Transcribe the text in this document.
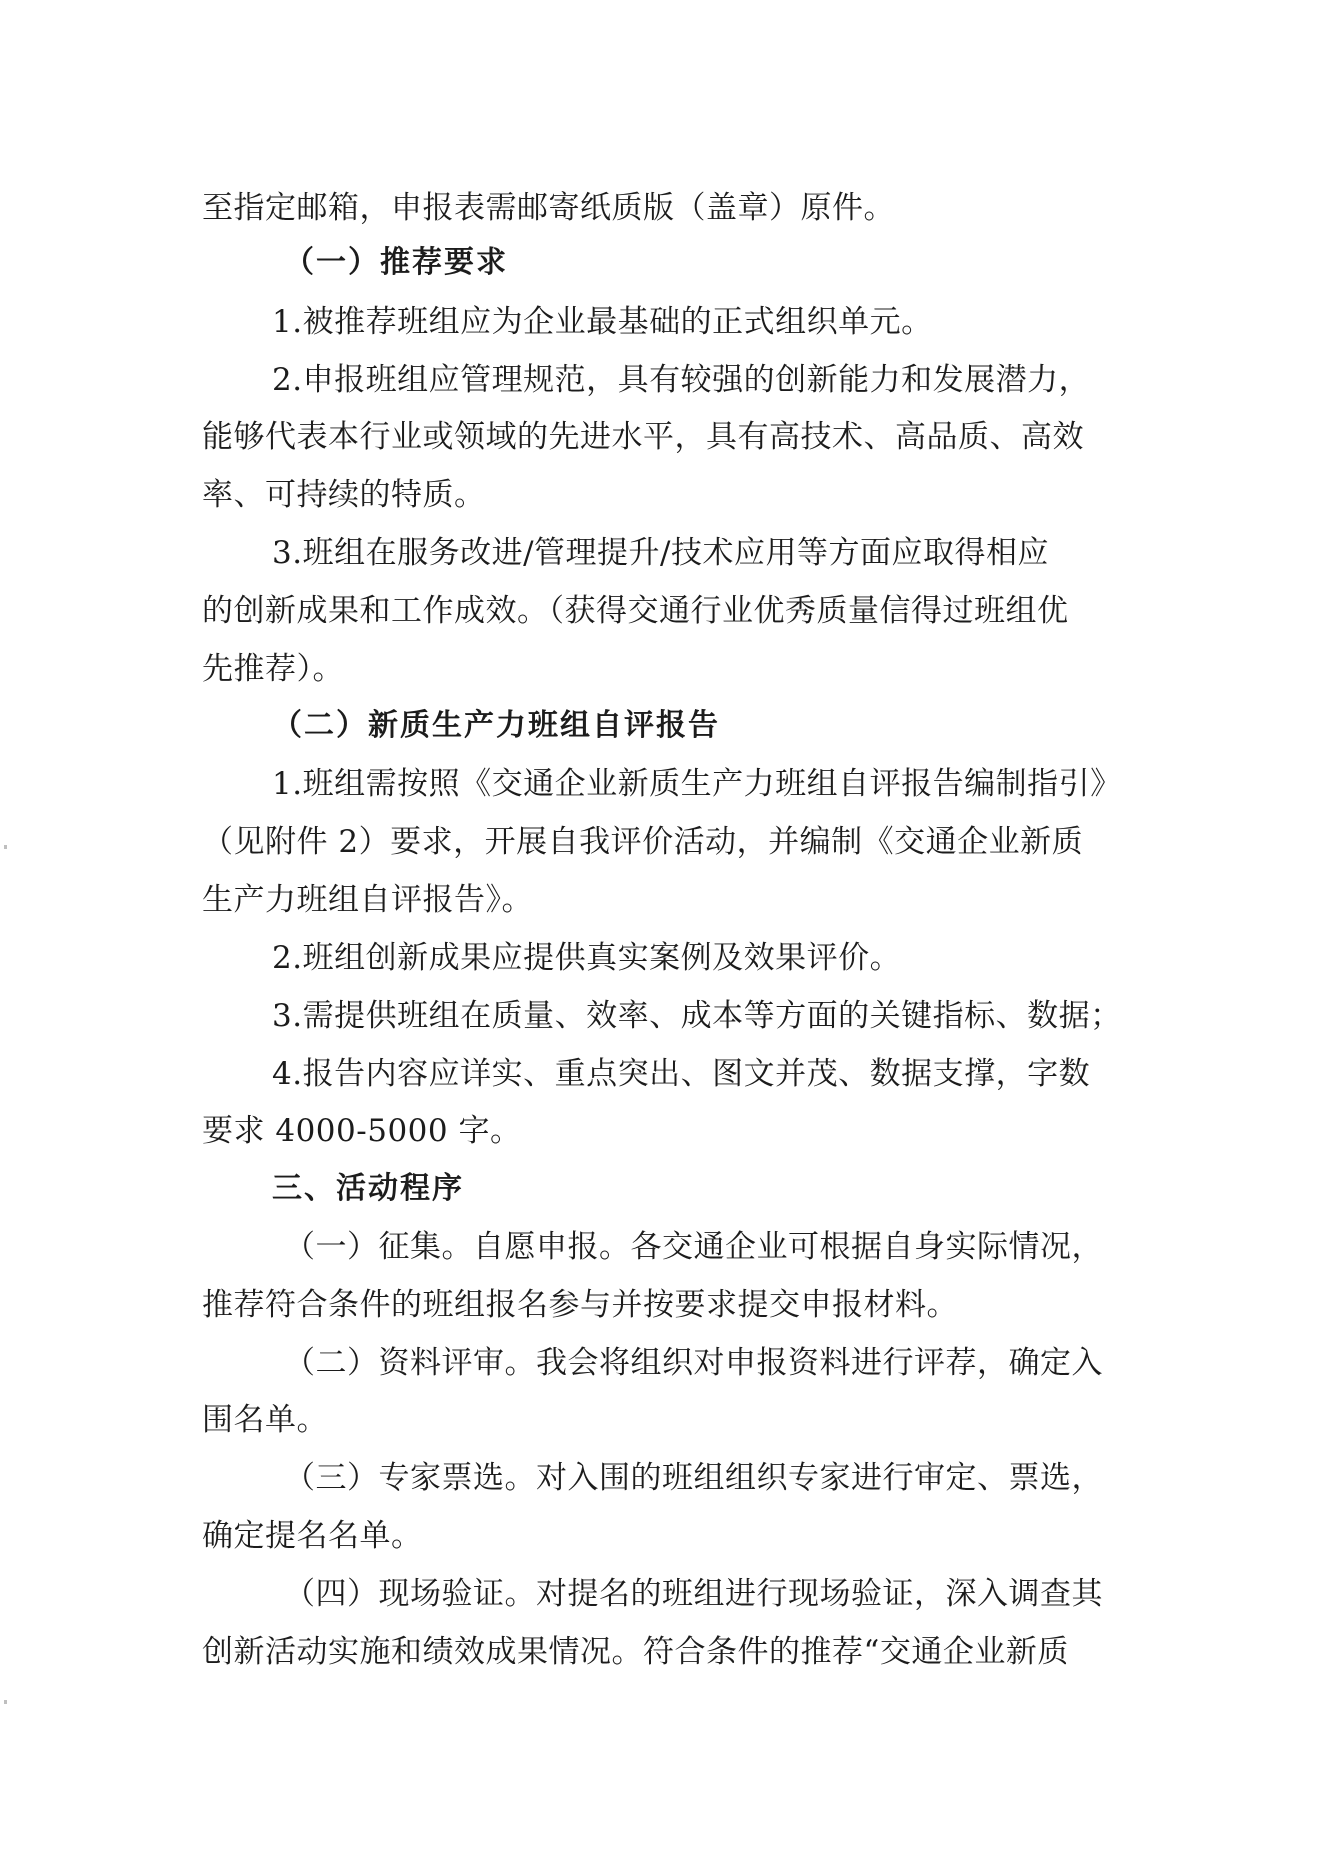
至指定邮箱，申报表需邮寄纸质版（盖章）原件。
（一）推荐要求
1.被推荐班组应为企业最基础的正式组织单元。
2.申报班组应管理规范，具有较强的创新能力和发展潜力，
能够代表本行业或领域的先进水平，具有高技术、高品质、高效
率、可持续的特质。
3.班组在服务改进/管理提升/技术应用等方面应取得相应
的创新成果和工作成效。（获得交通行业优秀质量信得过班组优
先推荐）。
（二）新质生产力班组自评报告
1.班组需按照《交通企业新质生产力班组自评报告编制指引》
（见附件 2）要求，开展自我评价活动，并编制《交通企业新质
生产力班组自评报告》。
2.班组创新成果应提供真实案例及效果评价。
3.需提供班组在质量、效率、成本等方面的关键指标、数据；
4.报告内容应详实、重点突出、图文并茂、数据支撑，字数
要求 4000-5000 字。
三、活动程序
（一）征集。自愿申报。各交通企业可根据自身实际情况，
推荐符合条件的班组报名参与并按要求提交申报材料。
（二）资料评审。我会将组织对申报资料进行评荐，确定入
围名单。
（三）专家票选。对入围的班组组织专家进行审定、票选，
确定提名名单。
（四）现场验证。对提名的班组进行现场验证，深入调查其
创新活动实施和绩效成果情况。符合条件的推荐“交通企业新质
